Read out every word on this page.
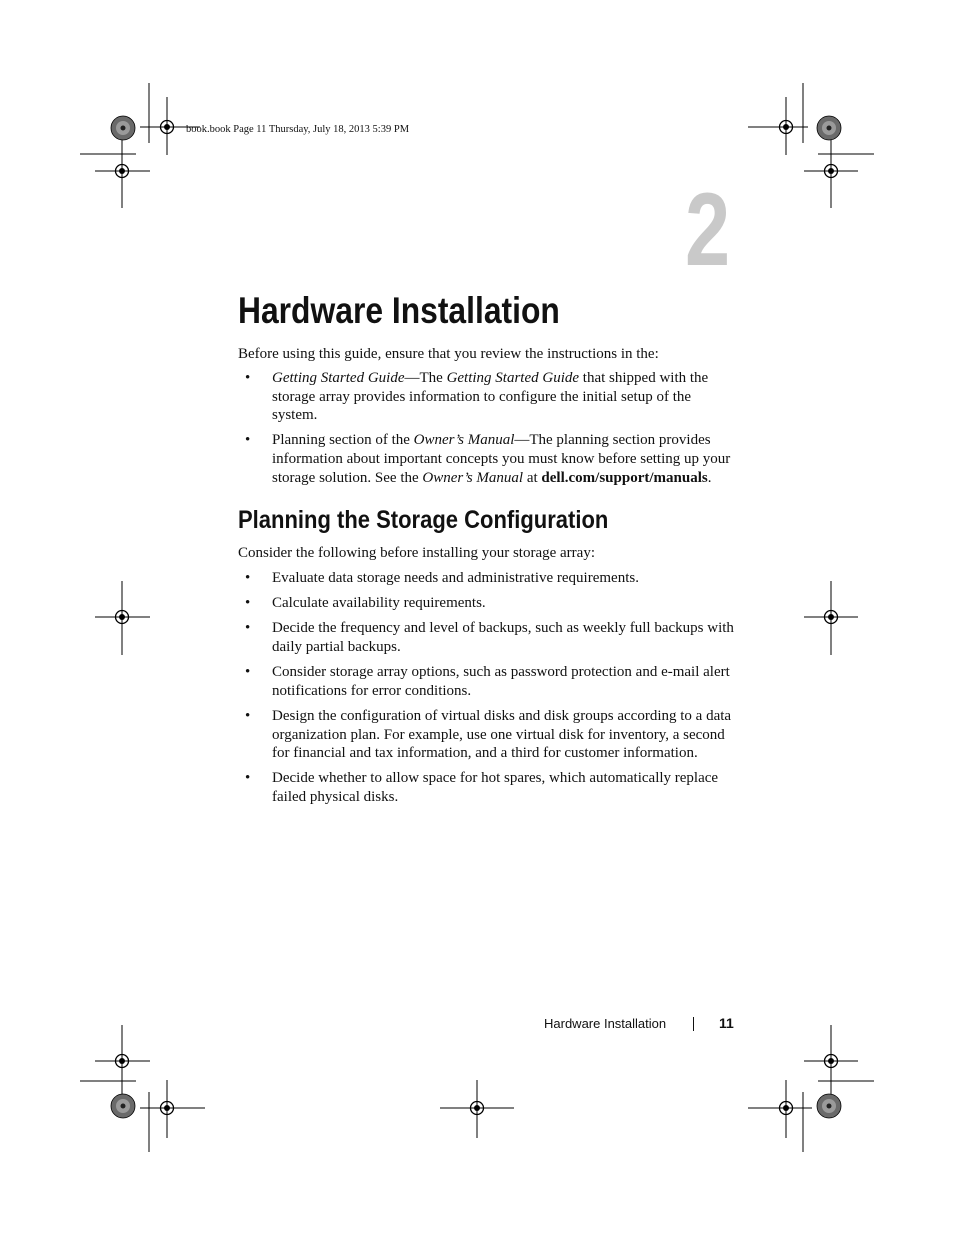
book.book Page 11 Thursday, July 18, 2013 5:39 PM
2
Hardware Installation
Before using this guide, ensure that you review the instructions in the:
• Getting Started Guide—The Getting Started Guide that shipped with the storage array provides information to configure the initial setup of the system.
• Planning section of the Owner’s Manual—The planning section provides information about important concepts you must know before setting up your storage solution. See the Owner’s Manual at dell.com/support/manuals.
Planning the Storage Configuration
Consider the following before installing your storage array:
• Evaluate data storage needs and administrative requirements.
• Calculate availability requirements.
• Decide the frequency and level of backups, such as weekly full backups with daily partial backups.
• Consider storage array options, such as password protection and e-mail alert notifications for error conditions.
• Design the configuration of virtual disks and disk groups according to a data organization plan. For example, use one virtual disk for inventory, a second for financial and tax information, and a third for customer information.
• Decide whether to allow space for hot spares, which automatically replace failed physical disks.
Hardware Installation	11
